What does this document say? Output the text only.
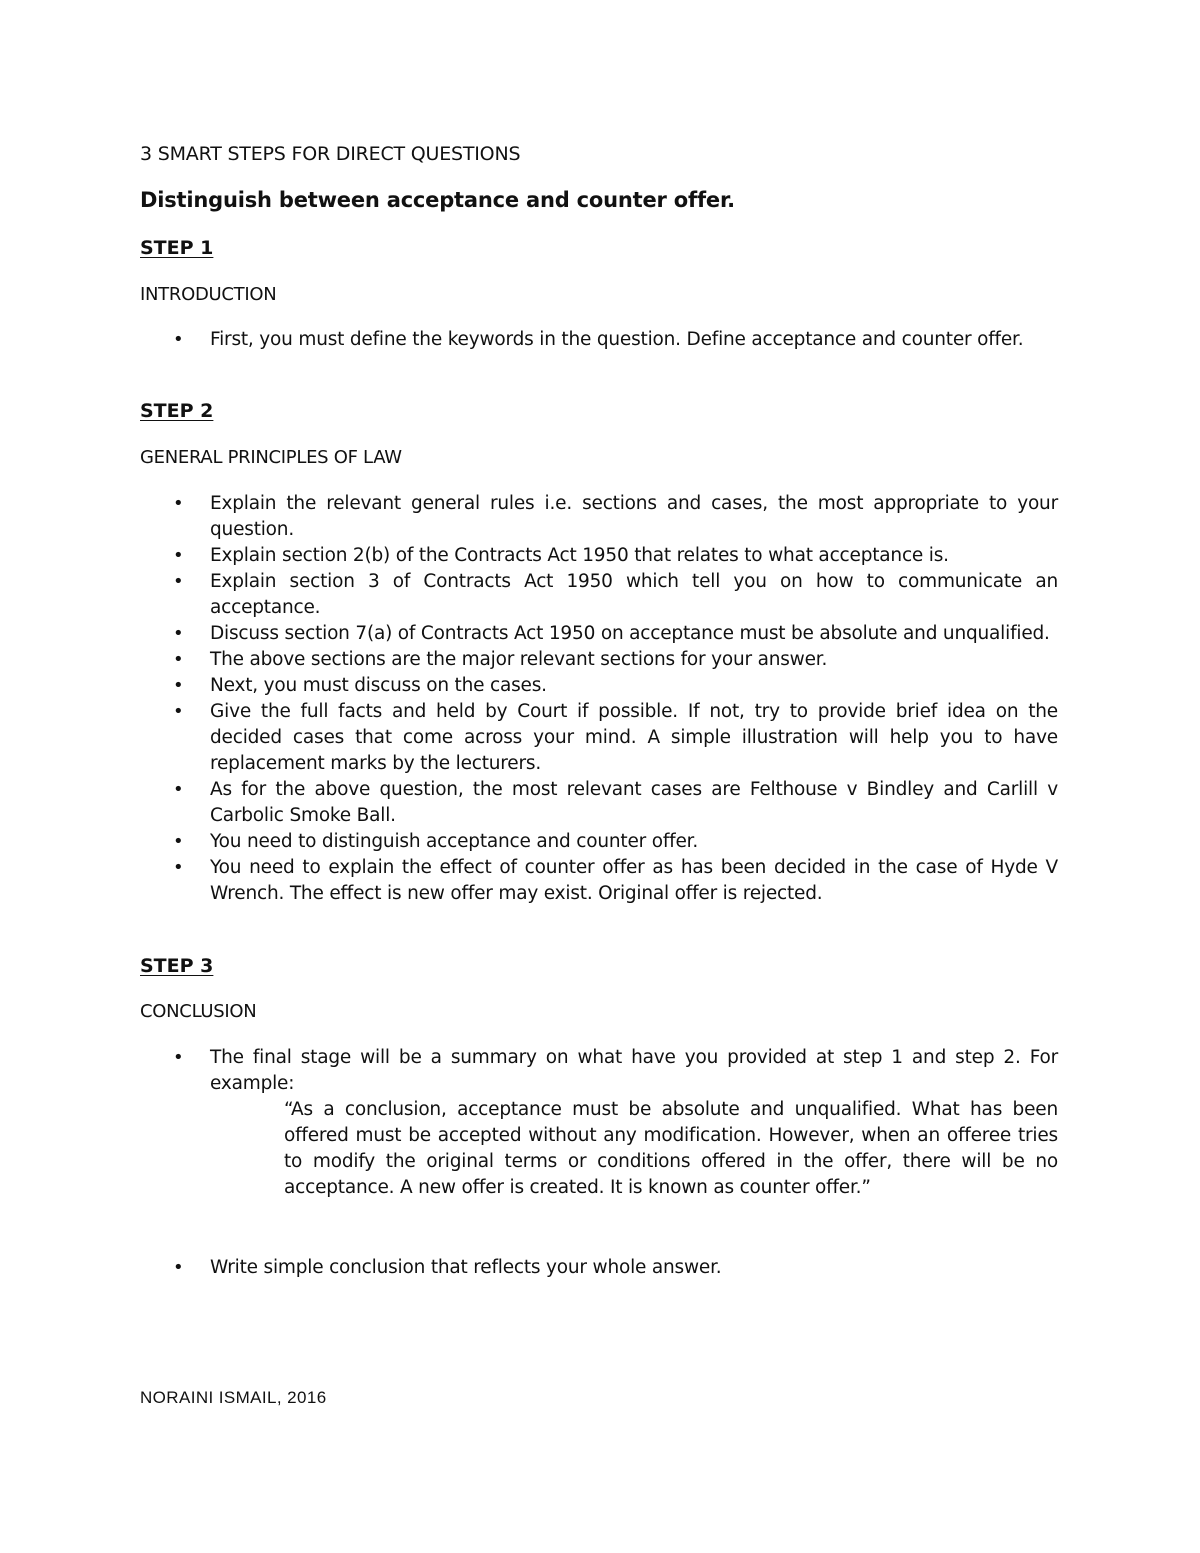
3 SMART STEPS FOR DIRECT QUESTIONS
Distinguish between acceptance and counter offer.
STEP 1
INTRODUCTION
• First, you must define the keywords in the question. Define acceptance and counter offer.
STEP 2
GENERAL PRINCIPLES OF LAW
• Explain the relevant general rules i.e. sections and cases, the most appropriate to your question.
• Explain section 2(b) of the Contracts Act 1950 that relates to what acceptance is.
• Explain section 3 of Contracts Act 1950 which tell you on how to communicate an acceptance.
• Discuss section 7(a) of Contracts Act 1950 on acceptance must be absolute and unqualified.
• The above sections are the major relevant sections for your answer.
• Next, you must discuss on the cases.
• Give the full facts and held by Court if possible. If not, try to provide brief idea on the decided cases that come across your mind. A simple illustration will help you to have replacement marks by the lecturers.
• As for the above question, the most relevant cases are Felthouse v Bindley and Carlill v Carbolic Smoke Ball.
• You need to distinguish acceptance and counter offer.
• You need to explain the effect of counter offer as has been decided in the case of Hyde V Wrench. The effect is new offer may exist. Original offer is rejected.
STEP 3
CONCLUSION
• The final stage will be a summary on what have you provided at step 1 and step 2. For example:

“As a conclusion, acceptance must be absolute and unqualified. What has been offered must be accepted without any modification. However, when an offeree tries to modify the original terms or conditions offered in the offer, there will be no acceptance. A new offer is created. It is known as counter offer.”

• Write simple conclusion that reflects your whole answer.
NORAINI ISMAIL, 2016
